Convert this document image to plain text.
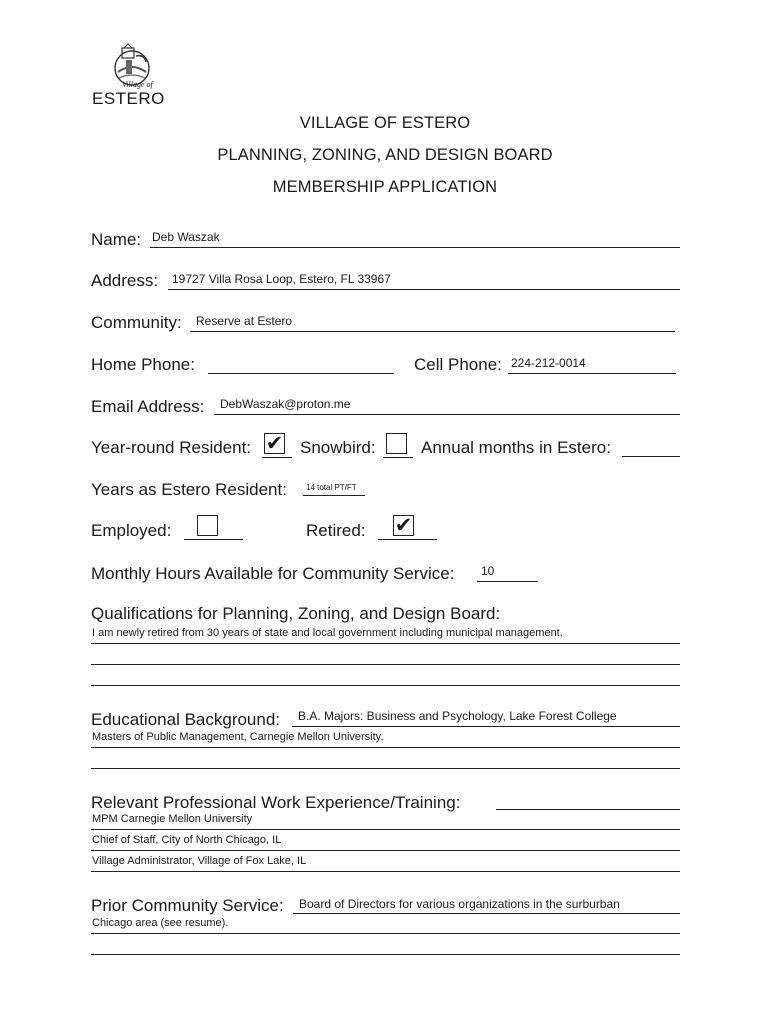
Village of
ESTERO
VILLAGE OF ESTERO
PLANNING, ZONING, AND DESIGN BOARD
MEMBERSHIP APPLICATION
Name: Deb Waszak
Address: 19727 Villa Rosa Loop, Estero, FL 33967
Community: Reserve at Estero
Home Phone:	Cell Phone: 224-212-0014
Email Address: DebWaszak@proton.me
Year-round Resident: ✔ Snowbird:	Annual months in Estero:
Years as Estero Resident: 14 total PT/FT
Employed:	Retired: ✔
Monthly Hours Available for Community Service: 10
Qualifications for Planning, Zoning, and Design Board:
I am newly retired from 30 years of state and local government including municipal management.
Educational Background: B.A. Majors: Business and Psychology, Lake Forest College
Masters of Public Management, Carnegie Mellon University.
Relevant Professional Work Experience/Training:
MPM Carnegie Mellon University
Chief of Staff, City of North Chicago, IL
Village Administrator, Village of Fox Lake, IL
Prior Community Service: Board of Directors for various organizations in the surburban
Chicago area (see resume).
